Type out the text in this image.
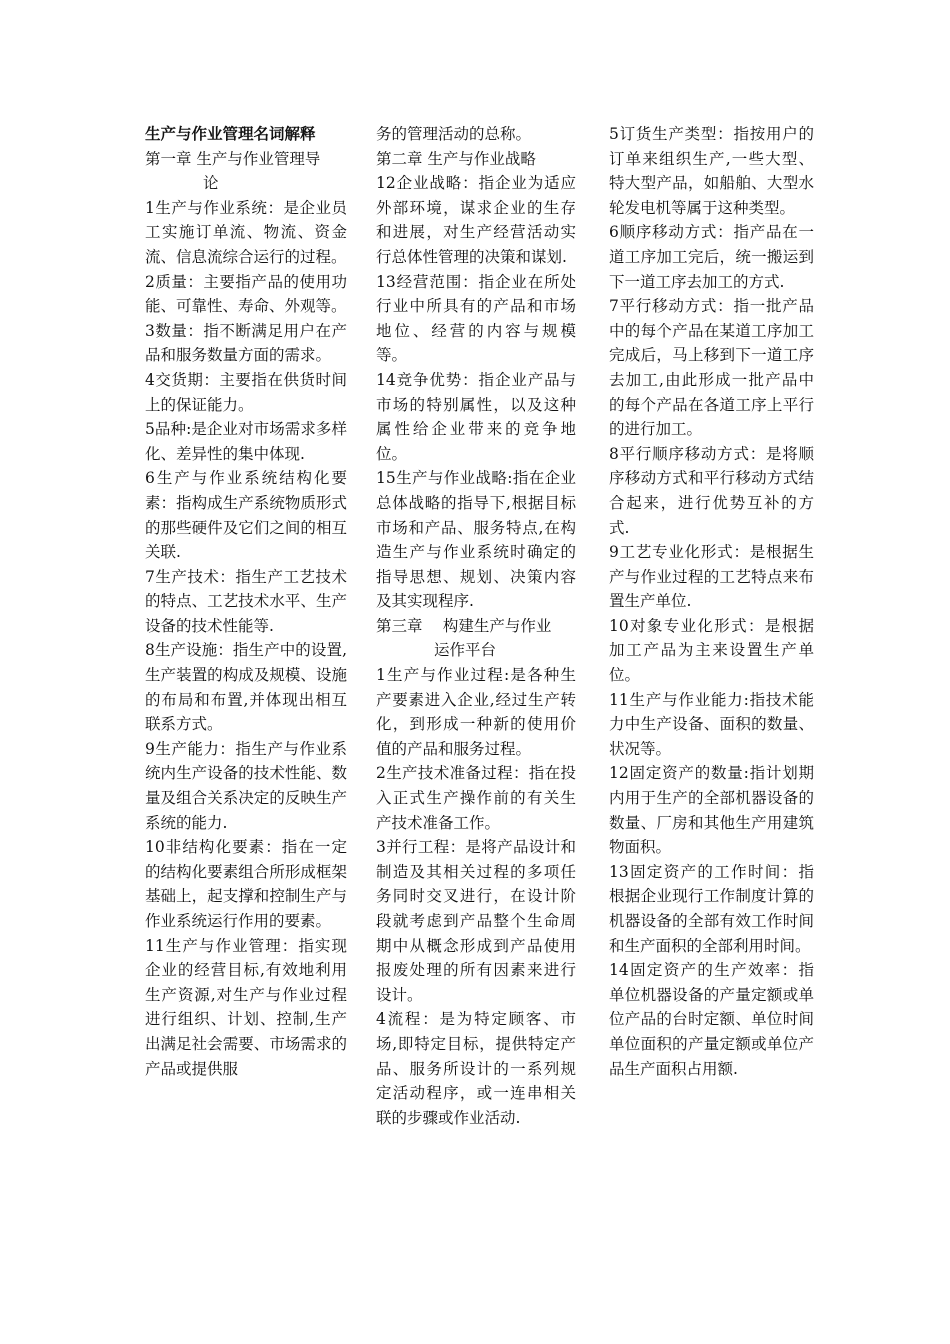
生产与作业管理名词解释

第一章 生产与作业管理导

论

1生产与作业系统：是企业员工实施订单流、物流、资金流、信息流综合运行的过程。

2质量：主要指产品的使用功能、可靠性、寿命、外观等。

3数量：指不断满足用户在产品和服务数量方面的需求。

4交货期：主要指在供货时间上的保证能力。

5品种:是企业对市场需求多样化、差异性的集中体现.

6生产与作业系统结构化要素：指构成生产系统物质形式的那些硬件及它们之间的相互关联.

7生产技术：指生产工艺技术的特点、工艺技术水平、生产设备的技术性能等.

8生产设施：指生产中的设置,生产装置的构成及规模、设施的布局和布置,并体现出相互联系方式。

9生产能力：指生产与作业系统内生产设备的技术性能、数量及组合关系决定的反映生产系统的能力.

10非结构化要素：指在一定的结构化要素组合所形成框架基础上，起支撑和控制生产与作业系统运行作用的要素。

11生产与作业管理：指实现企业的经营目标,有效地利用生产资源,对生产与作业过程进行组织、计划、控制,生产出满足社会需要、市场需求的产品或提供服

务的管理活动的总称。

第二章 生产与作业战略

12企业战略：指企业为适应外部环境，谋求企业的生存和进展，对生产经营活动实行总体性管理的决策和谋划.

13经营范围：指企业在所处行业中所具有的产品和市场地位、经营的内容与规模等。

14竞争优势：指企业产品与市场的特别属性，以及这种属性给企业带来的竞争地位。

15生产与作业战略:指在企业总体战略的指导下,根据目标市场和产品、服务特点,在构造生产与作业系统时确定的指导思想、规划、决策内容及其实现程序.

第三章　 构建生产与作业

运作平台

1生产与作业过程:是各种生产要素进入企业,经过生产转化，到形成一种新的使用价值的产品和服务过程。

2生产技术准备过程：指在投入正式生产操作前的有关生产技术准备工作。

3并行工程：是将产品设计和制造及其相关过程的多项任务同时交叉进行，在设计阶段就考虑到产品整个生命周期中从概念形成到产品使用报废处理的所有因素来进行设计。

4流程：是为特定顾客、市场,即特定目标，提供特定产品、服务所设计的一系列规定活动程序，或一连串相关联的步骤或作业活动.

5订货生产类型：指按用户的订单来组织生产,一些大型、特大型产品，如船舶、大型水轮发电机等属于这种类型。

6顺序移动方式：指产品在一道工序加工完后，统一搬运到下一道工序去加工的方式.

7平行移动方式：指一批产品中的每个产品在某道工序加工完成后，马上移到下一道工序去加工,由此形成一批产品中的每个产品在各道工序上平行的进行加工。

8平行顺序移动方式：是将顺序移动方式和平行移动方式结合起来，进行优势互补的方式.

9工艺专业化形式：是根据生产与作业过程的工艺特点来布置生产单位.

10对象专业化形式：是根据加工产品为主来设置生产单位。

11生产与作业能力:指技术能力中生产设备、面积的数量、状况等。

12固定资产的数量:指计划期内用于生产的全部机器设备的数量、厂房和其他生产用建筑物面积。

13固定资产的工作时间：指根据企业现行工作制度计算的机器设备的全部有效工作时间和生产面积的全部利用时间。

14固定资产的生产效率：指单位机器设备的产量定额或单位产品的台时定额、单位时间单位面积的产量定额或单位产品生产面积占用额.
